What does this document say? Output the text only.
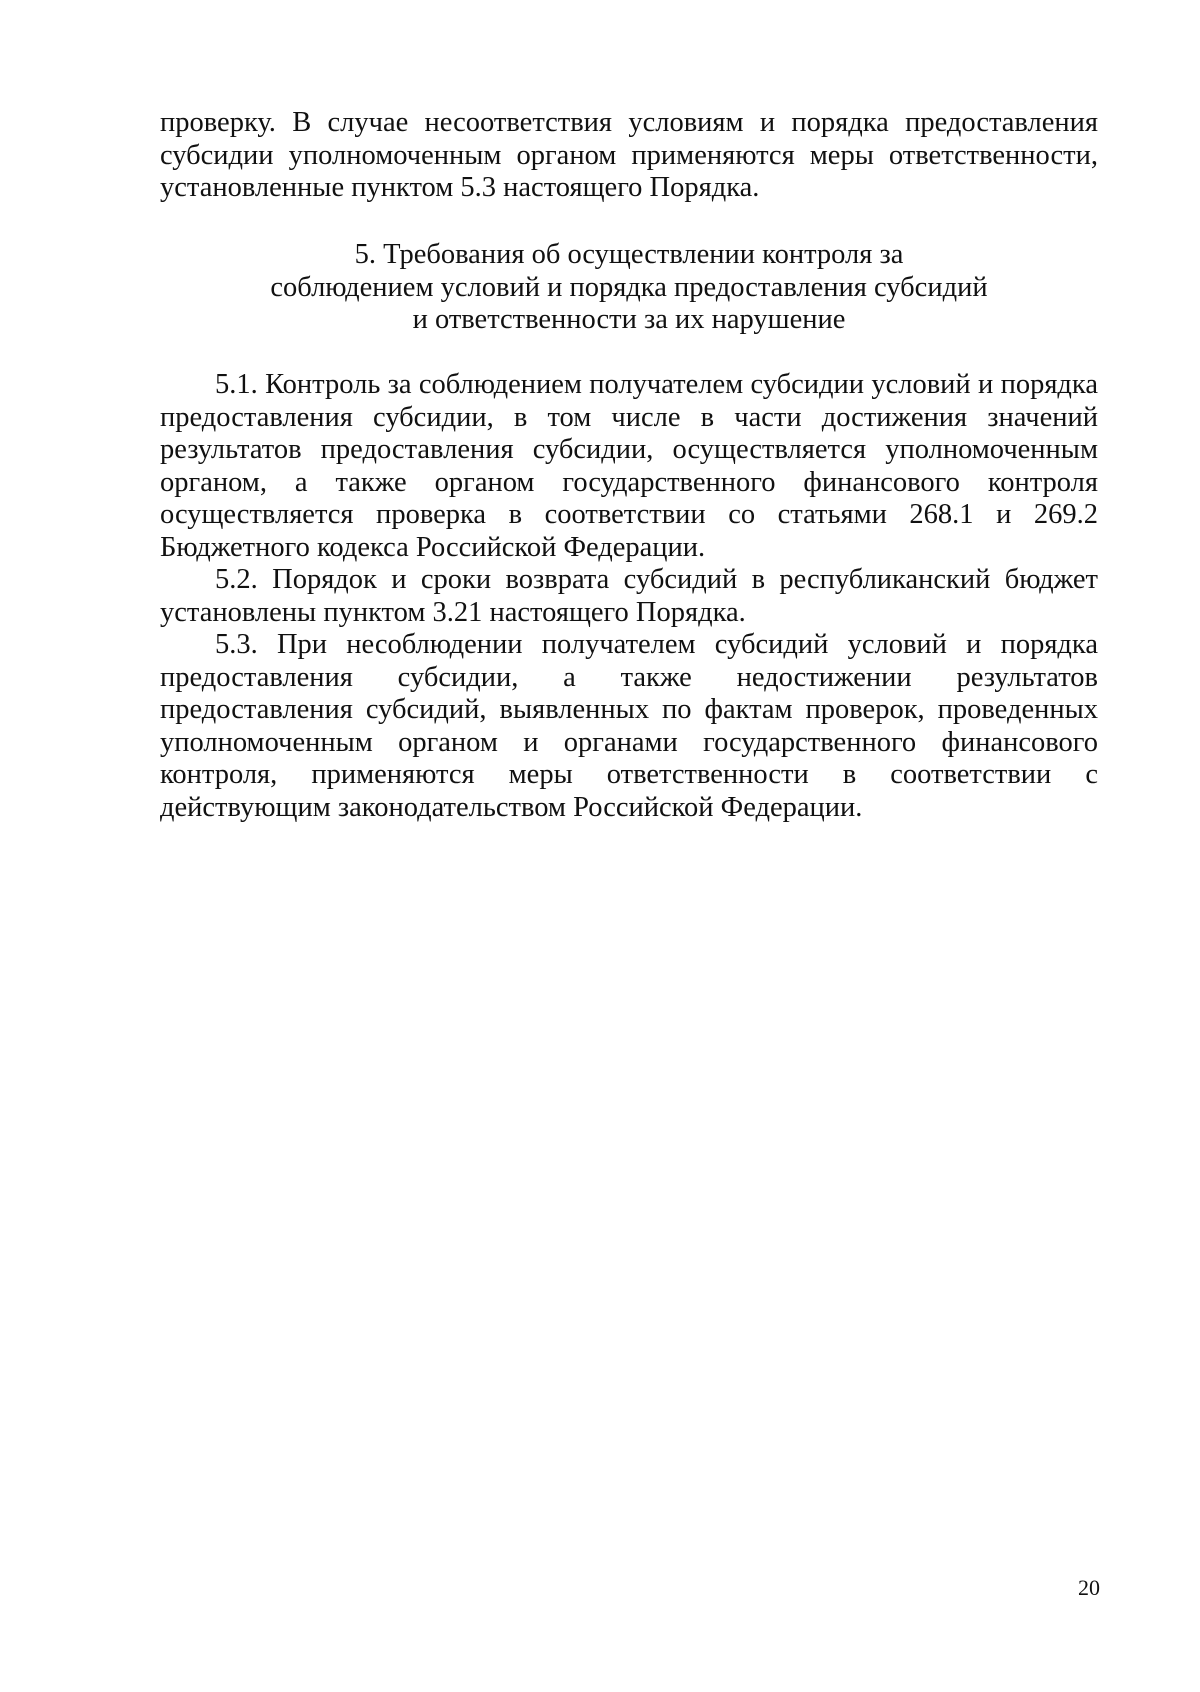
проверку. В случае несоответствия условиям и порядка предоставления субсидии уполномоченным органом применяются меры ответственности, установленные пунктом 5.3 настоящего Порядка.
5. Требования об осуществлении контроля за
соблюдением условий и порядка предоставления субсидий
и ответственности за их нарушение

5.1. Контроль за соблюдением получателем субсидии условий и порядка предоставления субсидии, в том числе в части достижения значений результатов предоставления субсидии, осуществляется уполномоченным органом, а также органом государственного финансового контроля осуществляется проверка в соответствии со статьями 268.1 и 269.2 Бюджетного кодекса Российской Федерации.

5.2. Порядок и сроки возврата субсидий в республиканский бюджет установлены пунктом 3.21 настоящего Порядка.

5.3. При несоблюдении получателем субсидий условий и порядка предоставления субсидии, а также недостижении результатов предоставления субсидий, выявленных по фактам проверок, проведенных уполномоченным органом и органами государственного финансового контроля, применяются меры ответственности в соответствии с действующим законодательством Российской Федерации.

20
